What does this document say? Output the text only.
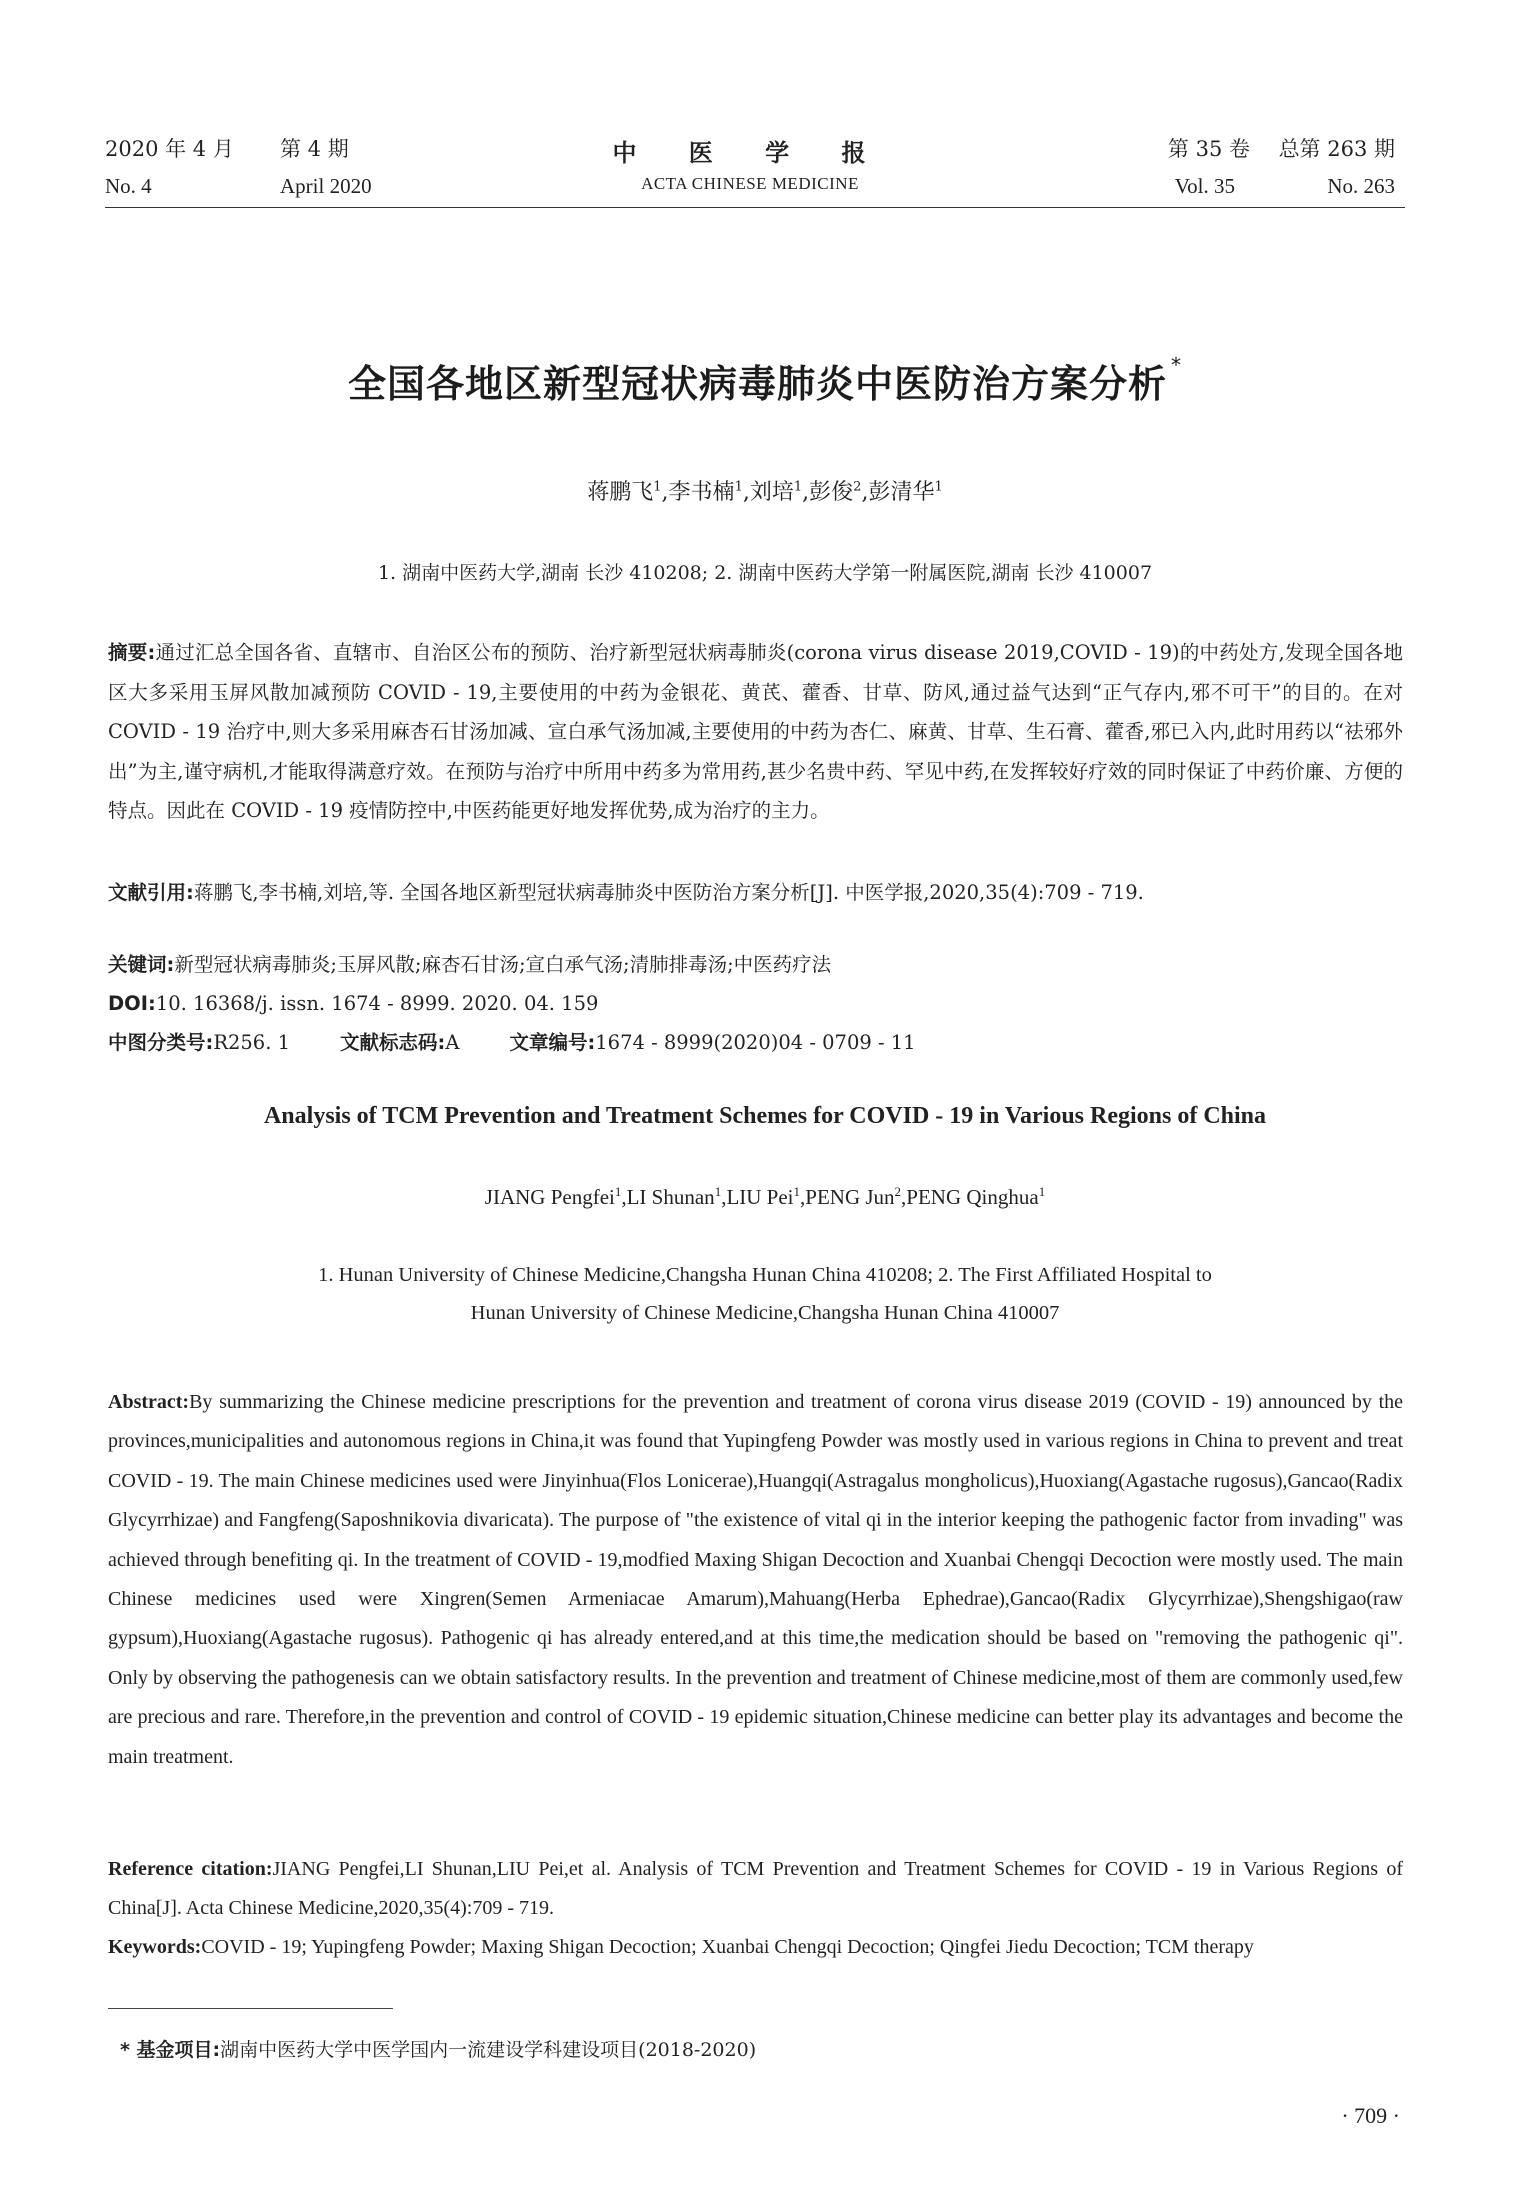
2020 年 4 月 第 4 期	中 医 学 报	第 35 卷 总第 263 期
No. 4	April 2020	ACTA CHINESE MEDICINE	Vol. 35	No. 263
全国各地区新型冠状病毒肺炎中医防治方案分析 *
蒋鹏飞$^1$,李书楠$^1$,刘培$^1$,彭俊$^2$,彭清华$^1$
1. 湖南中医药大学,湖南 长沙 410208; 2. 湖南中医药大学第一附属医院,湖南 长沙 410007
摘要:通过汇总全国各省、直辖市、自治区公布的预防、治疗新型冠状病毒肺炎(corona virus disease 2019,COVID - 19)的中药处方,发现全国各地区大多采用玉屏风散加减预防 COVID - 19,主要使用的中药为金银花、黄芪、藿香、甘草、防风,通过益气达到“正气存内,邪不可干”的目的。在对 COVID - 19 治疗中,则大多采用麻杏石甘汤加减、宣白承气汤加减,主要使用的中药为杏仁、麻黄、甘草、生石膏、藿香,邪已入内,此时用药以“祛邪外出”为主,谨守病机,才能取得满意疗效。在预防与治疗中所用中药多为常用药,甚少名贵中药、罕见中药,在发挥较好疗效的同时保证了中药价廉、方便的特点。因此在 COVID - 19 疫情防控中,中医药能更好地发挥优势,成为治疗的主力。
文献引用:蒋鹏飞,李书楠,刘培,等. 全国各地区新型冠状病毒肺炎中医防治方案分析[J]. 中医学报,2020,35(4):709 - 719.
关键词:新型冠状病毒肺炎;玉屏风散;麻杏石甘汤;宣白承气汤;清肺排毒汤;中医药疗法
DOI:10. 16368/j. issn. 1674 - 8999. 2020. 04. 159
中图分类号:R256. 1	文献标志码:A	文章编号:1674 - 8999(2020)04 - 0709 - 11
Analysis of TCM Prevention and Treatment Schemes for COVID - 19 in Various Regions of China
JIANG Pengfei$^1$,LI Shunan$^1$,LIU Pei$^1$,PENG Jun$^2$,PENG Qinghua$^1$
1. Hunan University of Chinese Medicine,Changsha Hunan China 410208; 2. The First Affiliated Hospital to
Hunan University of Chinese Medicine,Changsha Hunan China 410007
Abstract:By summarizing the Chinese medicine prescriptions for the prevention and treatment of corona virus disease 2019 (COVID - 19) announced by the provinces,municipalities and autonomous regions in China,it was found that Yupingfeng Powder was mostly used in various regions in China to prevent and treat COVID - 19. The main Chinese medicines used were Jinyinhua(Flos Lonicerae),Huangqi(Astragalus mongholicus),Huoxiang(Agastache rugosus),Gancao(Radix Glycyrrhizae) and Fangfeng(Saposhnikovia divaricata). The purpose of "the existence of vital qi in the interior keeping the pathogenic factor from invading" was achieved through benefiting qi. In the treatment of COVID - 19,modfied Maxing Shigan Decoction and Xuanbai Chengqi Decoction were mostly used. The main Chinese medicines used were Xingren(Semen Armeniacae Amarum),Mahuang(Herba Ephedrae),Gancao(Radix Glycyrrhizae),Shengshigao(raw gypsum),Huoxiang(Agastache rugosus). Pathogenic qi has already entered,and at this time,the medication should be based on "removing the pathogenic qi". Only by observing the pathogenesis can we obtain satisfactory results. In the prevention and treatment of Chinese medicine,most of them are commonly used,few are precious and rare. Therefore,in the prevention and control of COVID - 19 epidemic situation,Chinese medicine can better play its advantages and become the main treatment.
Reference citation:JIANG Pengfei,LI Shunan,LIU Pei,et al. Analysis of TCM Prevention and Treatment Schemes for COVID - 19 in Various Regions of China[J]. Acta Chinese Medicine,2020,35(4):709 - 719.
Keywords:COVID - 19; Yupingfeng Powder; Maxing Shigan Decoction; Xuanbai Chengqi Decoction; Qingfei Jiedu Decoction; TCM therapy
* 基金项目:湖南中医药大学中医学国内一流建设学科建设项目(2018-2020)
· 709 ·
